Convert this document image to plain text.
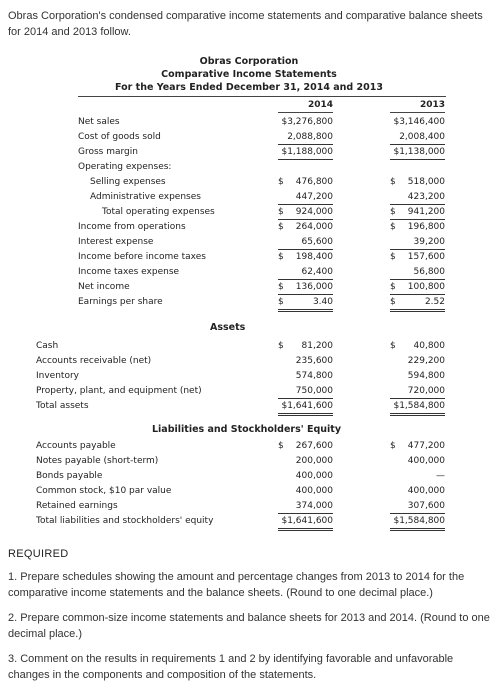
Obras Corporation's condensed comparative income statements and comparative balance sheets for 2014 and 2013 follow.
Obras Corporation
Comparative Income Statements
For the Years Ended December 31, 2014 and 2013
2014	2013
Net sales	$3,276,800	$3,146,400
Cost of goods sold	2,088,800	2,008,400
Gross margin	$1,188,000	$1,138,000
Operating expenses:
Selling expenses	$ 476,800	$ 518,000
Administrative expenses	447,200	423,200
Total operating expenses	$ 924,000	$ 941,200
Income from operations	$ 264,000	$ 196,800
Interest expense	65,600	39,200
Income before income taxes	$ 198,400	$ 157,600
Income taxes expense	62,400	56,800
Net income	$ 136,000	$ 100,800
Earnings per share	$	3.40	$	2.52
Assets
Cash	$ 81,200	$ 40,800
Accounts receivable (net)	235,600	229,200
Inventory	574,800	594,800
Property, plant, and equipment (net)	750,000	720,000
Total assets	$1,641,600	$1,584,800
Liabilities and Stockholders' Equity
Accounts payable	$ 267,600	$ 477,200
Notes payable (short-term)	200,000	400,000
Bonds payable	400,000	—
Common stock, $10 par value	400,000	400,000
Retained earnings	374,000	307,600
Total liabilities and stockholders' equity	$1,641,600	$1,584,800
REQUIRED
1. Prepare schedules showing the amount and percentage changes from 2013 to 2014 for the comparative income statements and the balance sheets. (Round to one decimal place.)
2. Prepare common-size income statements and balance sheets for 2013 and 2014. (Round to one decimal place.)
3. Comment on the results in requirements 1 and 2 by identifying favorable and unfavorable changes in the components and composition of the statements.
